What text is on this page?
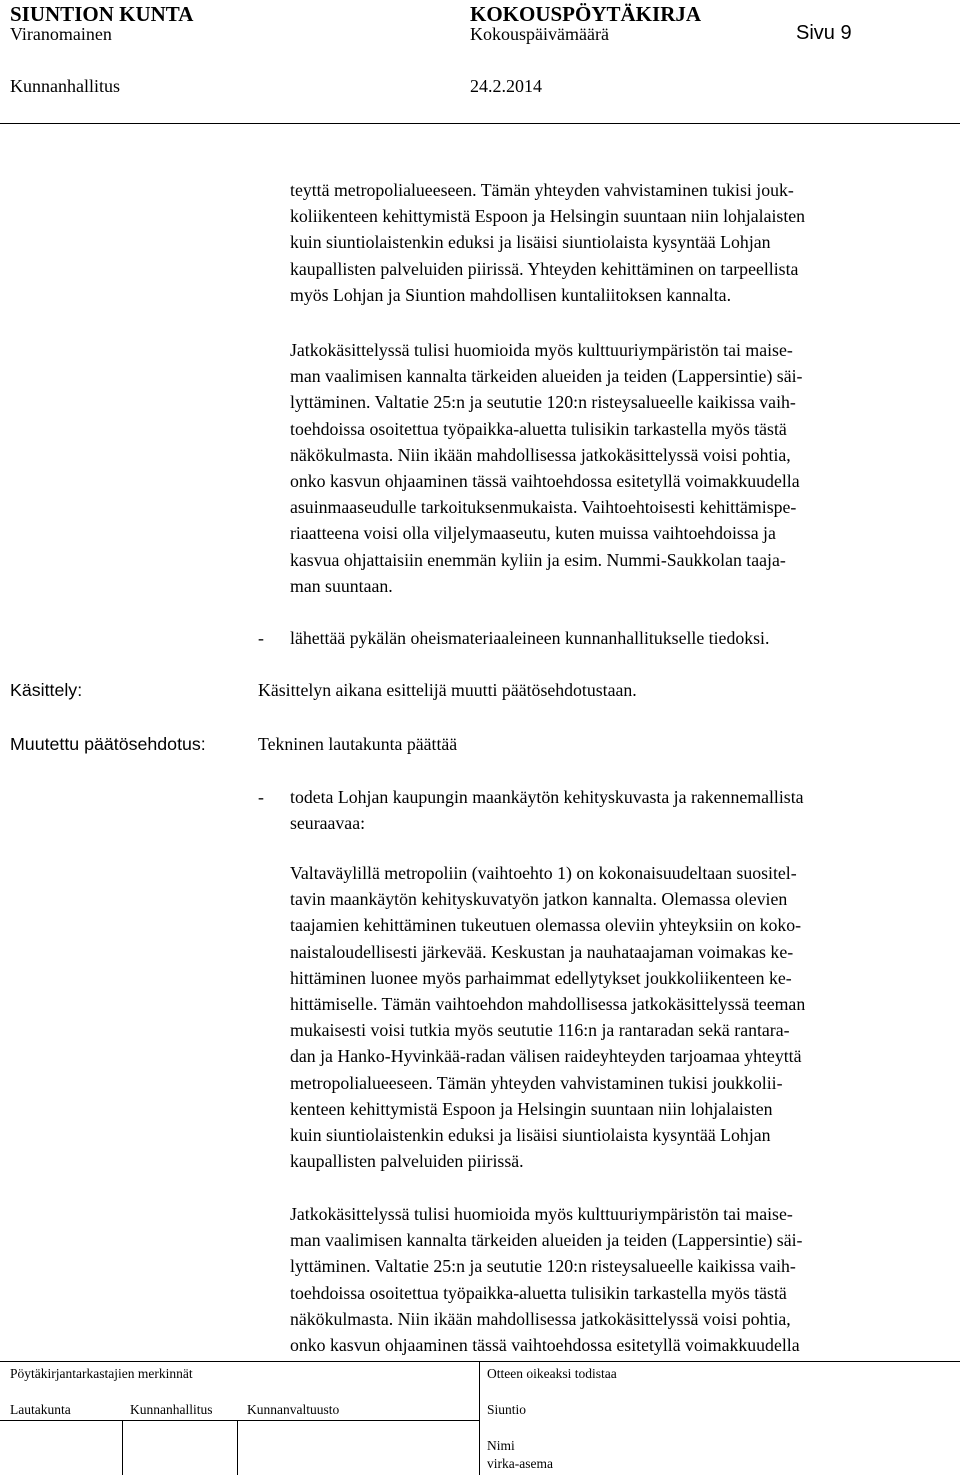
SIUNTION KUNTA	KOKOUSPÖYTÄKIRJA
Viranomainen	Kokouspäivämäärä	Sivu 9
Kunnanhallitus	24.2.2014
teyttä metropolialueeseen. Tämän yhteyden vahvistaminen tukisi jouk-
koliikenteen kehittymistä Espoon ja Helsingin suuntaan niin lohjalaisten
kuin siuntiolaistenkin eduksi ja lisäisi siuntiolaista kysyntää Lohjan
kaupallisten palveluiden piirissä. Yhteyden kehittäminen on tarpeellista
myös Lohjan ja Siuntion mahdollisen kuntaliitoksen kannalta.
Jatkokäsittelyssä tulisi huomioida myös kulttuuriympäristön tai maise-
man vaalimisen kannalta tärkeiden alueiden ja teiden (Lappersintie) säi-
lyttäminen. Valtatie 25:n ja seututie 120:n risteysalueelle kaikissa vaih-
toehdoissa osoitettua työpaikka-aluetta tulisikin tarkastella myös tästä
näkökulmasta. Niin ikään mahdollisessa jatkokäsittelyssä voisi pohtia,
onko kasvun ohjaaminen tässä vaihtoehdossa esitetyllä voimakkuudella
asuinmaaseudulle tarkoituksenmukaista. Vaihtoehtoisesti kehittämispe-
riaatteena voisi olla viljelymaaseutu, kuten muissa vaihtoehdoissa ja
kasvua ohjattaisiin enemmän kyliin ja esim. Nummi-Saukkolan taaja-
man suuntaan.
- lähettää pykälän oheismateriaaleineen kunnanhallitukselle tiedoksi.
Käsittely:	Käsittelyn aikana esittelijä muutti päätösehdotustaan.
Muutettu päätösehdotus:	Tekninen lautakunta päättää
- todeta Lohjan kaupungin maankäytön kehityskuvasta ja rakennemallista
seuraavaa:
Valtaväylillä metropoliin (vaihtoehto 1) on kokonaisuudeltaan suositel-
tavin maankäytön kehityskuvatyön jatkon kannalta. Olemassa olevien
taajamien kehittäminen tukeutuen olemassa oleviin yhteyksiin on koko-
naistaloudellisesti järkevää. Keskustan ja nauhataajaman voimakas ke-
hittäminen luonee myös parhaimmat edellytykset joukkoliikenteen ke-
hittämiselle. Tämän vaihtoehdon mahdollisessa jatkokäsittelyssä teeman
mukaisesti voisi tutkia myös seututie 116:n ja rantaradan sekä rantara-
dan ja Hanko-Hyvinkää-radan välisen raideyhteyden tarjoamaa yhteyttä
metropolialueeseen. Tämän yhteyden vahvistaminen tukisi joukkolii-
kenteen kehittymistä Espoon ja Helsingin suuntaan niin lohjalaisten
kuin siuntiolaistenkin eduksi ja lisäisi siuntiolaista kysyntää Lohjan
kaupallisten palveluiden piirissä.
Jatkokäsittelyssä tulisi huomioida myös kulttuuriympäristön tai maise-
man vaalimisen kannalta tärkeiden alueiden ja teiden (Lappersintie) säi-
lyttäminen. Valtatie 25:n ja seututie 120:n risteysalueelle kaikissa vaih-
toehdoissa osoitettua työpaikka-aluetta tulisikin tarkastella myös tästä
näkökulmasta. Niin ikään mahdollisessa jatkokäsittelyssä voisi pohtia,
onko kasvun ohjaaminen tässä vaihtoehdossa esitetyllä voimakkuudella
Pöytäkirjantarkastajien merkinnät	Otteen oikeaksi todistaa
Lautakunta	Kunnanhallitus	Kunnanvaltuusto	Siuntio
Nimi
virka-asema
